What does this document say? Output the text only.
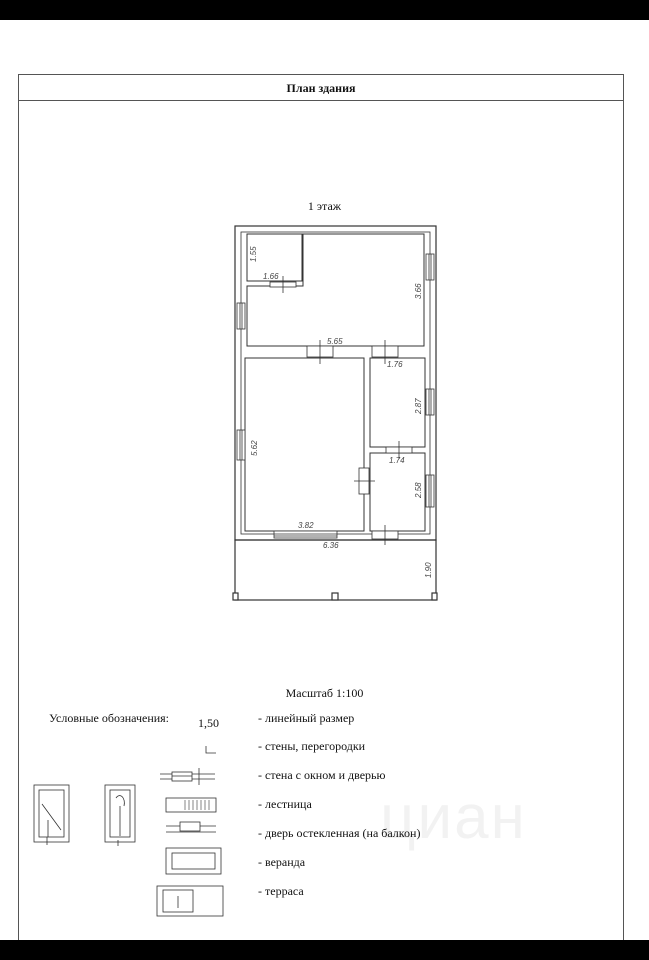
План здания
1 этаж
1.55
1.66
3.66
5.65
1.76
2.87
5.62
1.74
2.58
3.82
6.36
1.90
Масштаб 1:100
Условные обозначения: 1,50	- линейный размер
- стены, перегородки
- стена с окном и дверью
- лестница
- дверь остекленная (на балкон)
- веранда
- терраса
циан
